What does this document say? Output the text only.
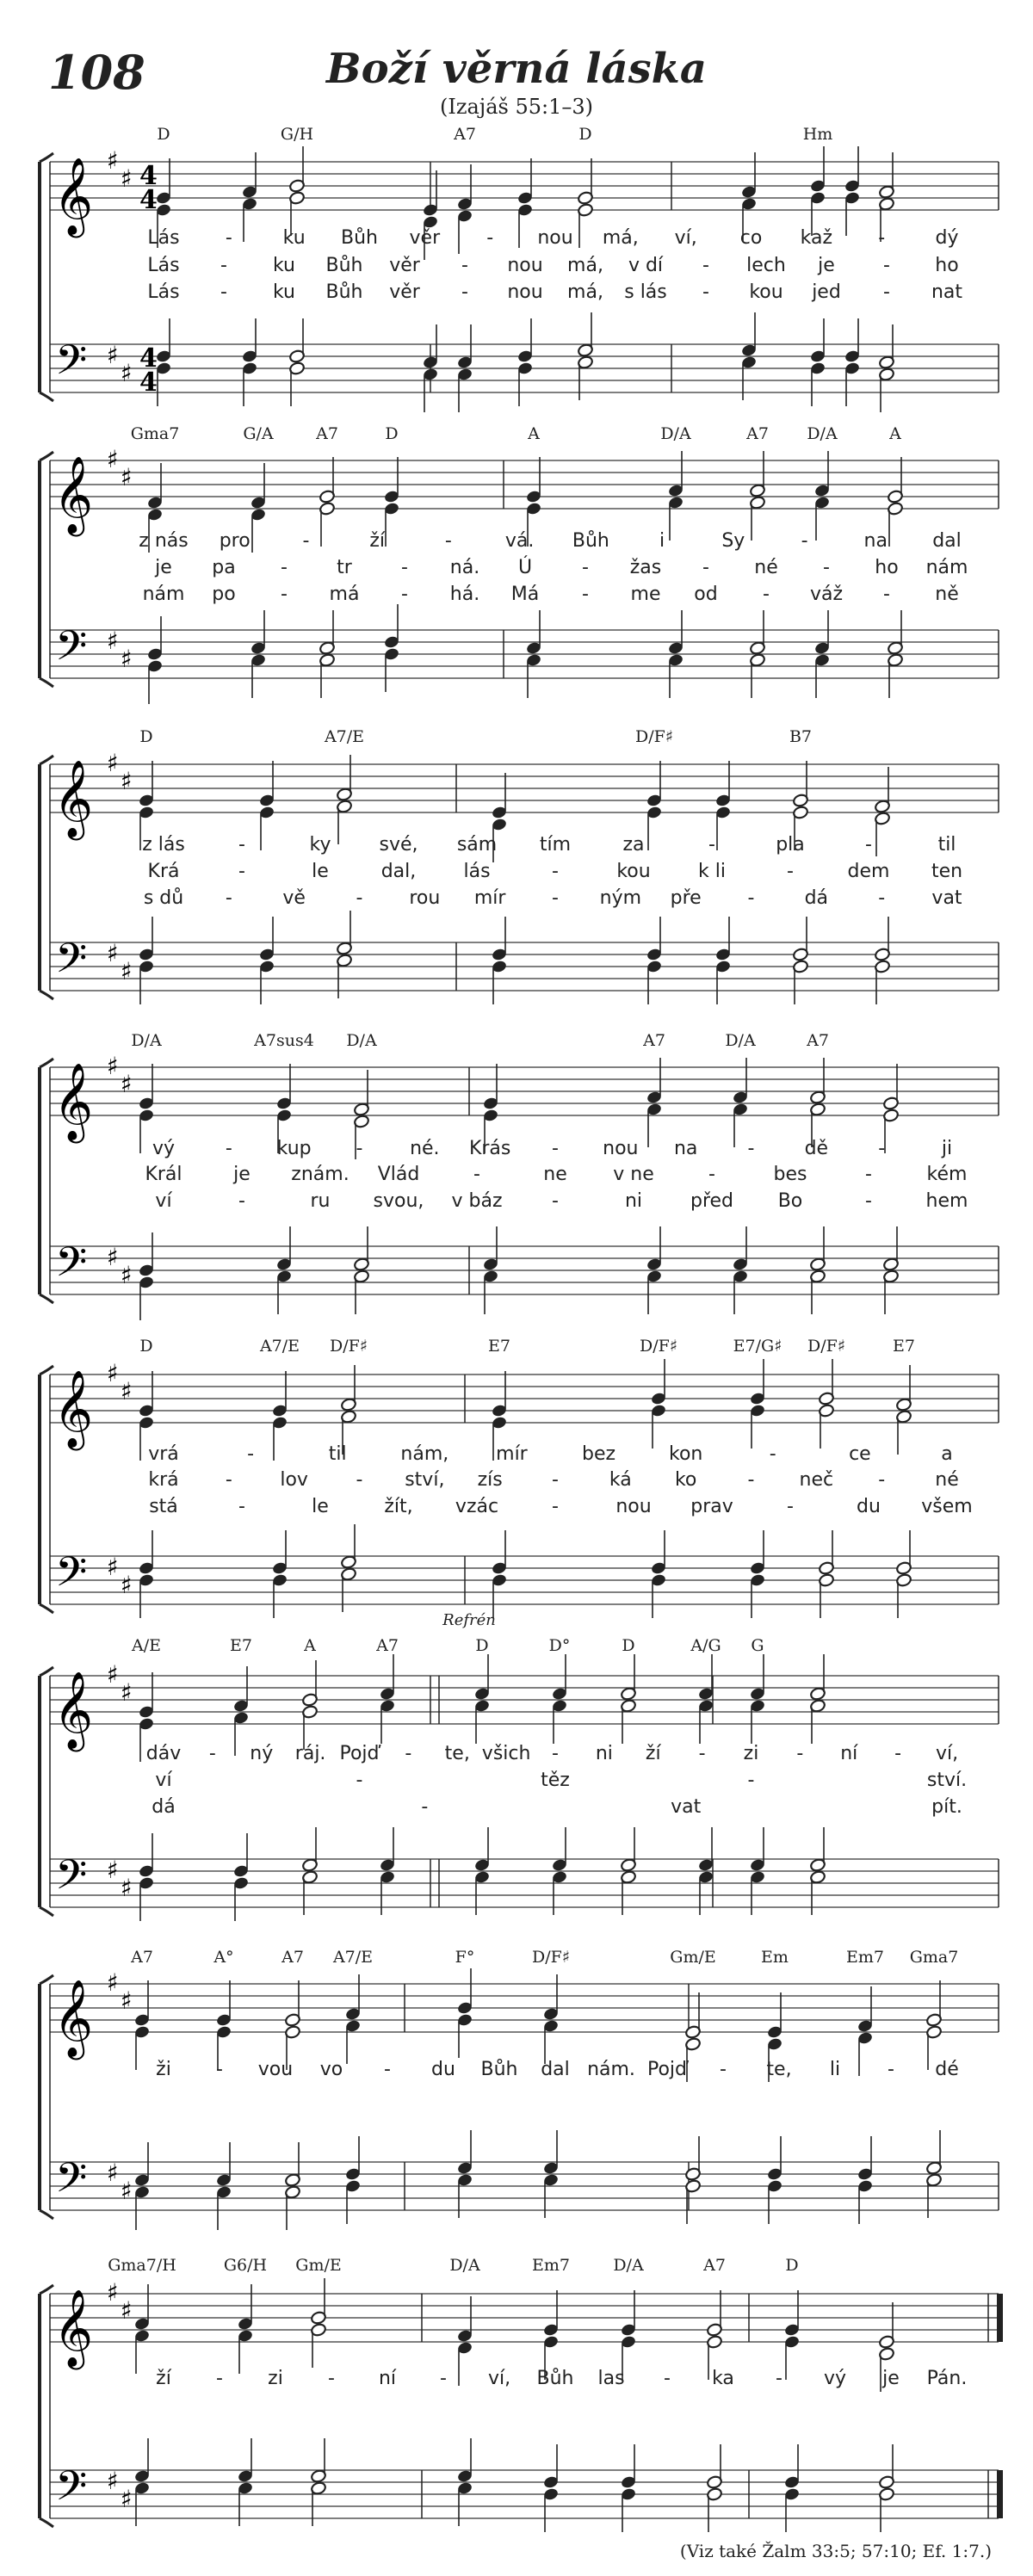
108	Boží věrná láska
(Izajáš 55:1–3)
𝄞
𝄢
♯
♯
♯
♯
4
4
4
4
D	G/H	A7	D	Hm
Lás -	ku Bůh věr - nou má, ví, co kaž -	dý
Lás - ku Bůh věr - nou má, v dí - lech je	- ho
Lás - ku Bůh věr - nou má, s lás - kou jed - nat
𝄞
𝄢
♯
♯
♯
♯
Gma7	G/A	A7	D	A	D/A	A7 D/A	A
z nás pro	-	ží	-	vá. Bůh	i	Sy	-	na dal
je pa -	tr	- ná. Ú	- žas - né - ho nám
nám po - má - há. Má - me od - váž - ně
𝄞
𝄢
♯
♯
♯
♯
D	A7/E	D/F♯	B7
z lás	-	ky	své, sám tím	za	-	pla	-	til
Krá	-	le	dal,	lás	-	kou	k li	-	dem ten
s dů -	vě	- rou mír - ným pře -	dá	- vat
𝄞
𝄢
♯
♯
♯
♯
D/A	A7sus4 D/A	A7	D/A	A7
vý	- kup - né. Krás - nou na	-	dě	-	ji
Král	je znám. Vlád	-	ne v ne	-	bes	-	kém
ví	-	ru svou, v báz	-	ni	před Bo	-	hem
𝄞
𝄢
♯
♯
♯
♯
D	A7/E D/F♯	E7	D/F♯	E7/G♯ D/F♯	E7
vrá	-	til	nám, mír	bez	kon	-	ce	a
krá -	lov	- ství, zís	-	ká ko	- neč -	né
stá	-	le	žít, vzác	-	nou prav	-	du všem
𝄞
𝄢
♯
♯
♯
♯
A/E	E7	A	A7	D	D°	D	A/G G
Refrén
dáv - ný ráj. Pojď - te, všich - ni ží - zi - ní - ví,
ví	-	těz	-	ství.
dá	-	vat	pít.
𝄞
𝄢
♯
♯
♯
♯
A7	A°	A7 A7/E	F°	D/F♯	Gm/E	Em	Em7 Gma7
ži - vou vo - du Bůh dal nám. Pojď - te, li - dé
𝄞
𝄢
♯
♯
♯
♯
Gma7/H	G6/H Gm/E	D/A	Em7	D/A	A7	D
ží - zi - ní - ví, Bůh las - ka - vý je Pán.
(Viz také Žalm 33:5; 57:10; Ef. 1:7.)
